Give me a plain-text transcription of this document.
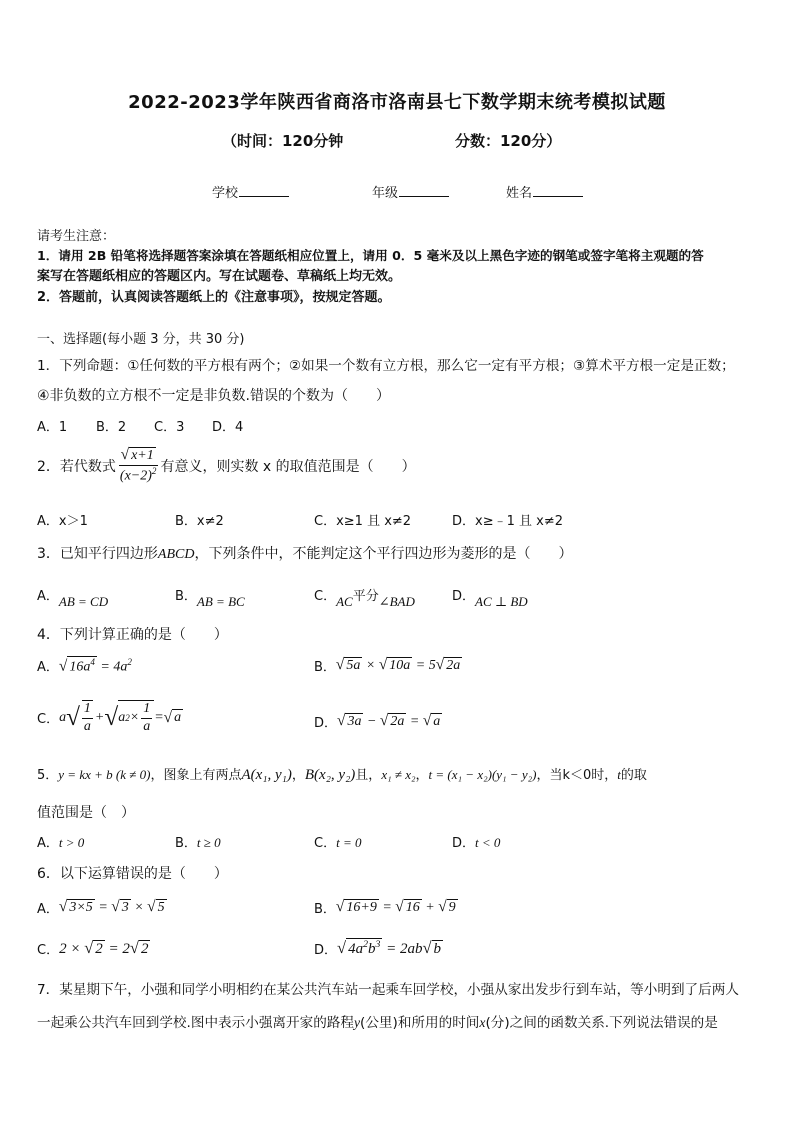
2022-2023学年陕西省商洛市洛南县七下数学期末统考模拟试题
（时间：120分钟	分数：120分）
学校	年级	姓名
请考生注意：
1．请用 2B 铅笔将选择题答案涂填在答题纸相应位置上，请用 0．5 毫米及以上黑色字迹的钢笔或签字笔将主观题的答
案写在答题纸相应的答题区内。写在试题卷、草稿纸上均无效。
2．答题前，认真阅读答题纸上的《注意事项》，按规定答题。
一、选择题(每小题 3 分，共 30 分)
1．下列命题：①任何数的平方根有两个；②如果一个数有立方根，那么它一定有平方根；③算术平方根一定是正数；
④非负数的立方根不一定是非负数.错误的个数为（　　）
A．1 B．2 C．3 D．4
2．若代数式 $\frac{√ x+1}{(x-2)^2}$ 有意义，则实数 x 的取值范围是（　　）
A．x＞1	B．x≠2	C．x≥1 且 x≠2	D．x≥﹣1 且 x≠2
3．已知平行四边形ABCD，下列条件中，不能判定这个平行四边形为菱形的是（　　）
A．AB = CD	B．AB = BC	C．AC平分∠BAD	D．AC ⊥ BD
4．下列计算正确的是（　　）
A． √ $16a^4 = 4a^2$	B． √ 5a × √ 10a = 5√ 2a
C． a √ $\frac{1}{a}$ + √ a $2 \times \frac{1}{a}$ = √ a	D． √ 3a − √ 2a = √ a
5．y = kx + b (k ≠ 0)，图象上有两点A(x₁, y₁)，B(x₂, y₂)且，x₁ ≠ x₂，t = (x₁ − x₂)(y₁ − y₂)，当k＜0时，t的取
值范围是（　）
A．t > 0	B．t ≥ 0	C．t = 0	D．t < 0
6．以下运算错误的是（　　）
A． √ 3×5 = √ 3 × √ 5	B． √ 16+9 = √ 16 + √ 9
C． 2 × √ 2 = 2√ 2	D． √ $4a^2b^3 = 2ab√$ b
7．某星期下午，小强和同学小明相约在某公共汽车站一起乘车回学校，小强从家出发步行到车站，等小明到了后两人
一起乘公共汽车回到学校.图中表示小强离开家的路程y(公里)和所用的时间x(分)之间的函数关系.下列说法错误的是
